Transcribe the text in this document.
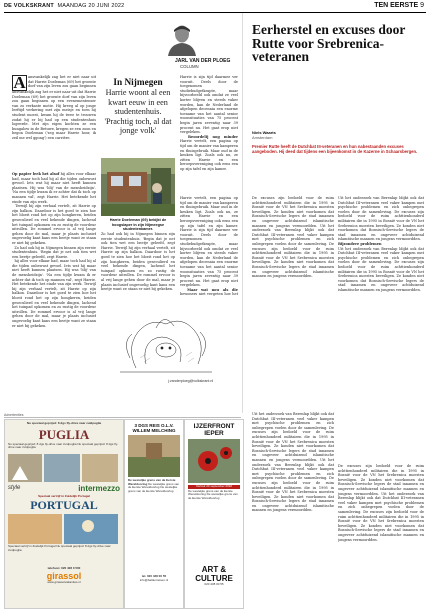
DE VOLKSKRANT MAANDAG 20 JUNI 2022	TEN EERSTE 9
JARL VAN DER PLOEG
COLUMN
A ansvankelijk zag het er niet naar uit dat Harrie Doeleman (69) het groente dorf van zijn leven zou gaan beginnen
ansvankelijk zag het er niet naar uit dat Harrie Doeleman (69) het groente dorf van zijn leven zou gaan beginnen op een evenementenser van zo verkaste motie. Hij kreeg al op jonge leeftijd verkering met zijn meisje en toen hij student moest, kwam hij de twee te trouwen zodat hij er bij had op een studentenhuis logeerde. Met zijn eigen kochten ze een bungalow in de Betuwe, kregen ze een zoon en begon Doeleman ('zeg maar Harrie hoor, ik zeil me wel ggong') een carrière.
Op papier leek het alsof hij alles voor elkaar had, maar toch had hij al die tijden onbewust gevoel. Iets wat hij maar niet heeft kunnen plaatsen. Hij was 'blij' van de mensheidzijn'. 'Na een tijdje kwam ik er achter dat ik toch op mannen val', zegt Harrie. Het betekende het einde van zijn werk.
Terwijl hij zijn verhaal vertelt, zit Harrie op zijn balkon. Daardoor is het goed te zien hoe het bloeit rond het op zijn hongkeren, beiden geseculierd en veel bekende dingen, lachend het tuinpad opkomen en zo rustig de voordeur uitrollen. De rommel ervoor is al vrij lange gehen door de mal, maar je plaats inclusief ongevoelig kant kans een beetje want ze staan er niet bij gekeken.
Zo had ook hij in Nijmegen binnen zijn eerste studentenhuis. 'Begin dat je net ook tien wet een beetje geleefd, zegt Harrie.
hij alles voor elkaar had, maar toch had hij al die tijden onbewust gevoel. Iets wat hij maar niet heeft kunnen plaatsen. Hij was 'blij' van de mensheidzijn'. 'Na een tijdje kwam ik er achter dat ik toch op mannen val', zegt Harrie. Het betekende het einde van zijn werk. Terwijl hij zijn verhaal vertelt, zit Harrie op zijn balkon. Daardoor is het goed te zien hoe het bloeit rond het op zijn hongkeren, beiden geseculierd en veel bekende dingen, lachend het tuinpad opkomen en zo rustig de voordeur uitrollen. De rommel ervoor is al vrij lange gehen door de mal, maar je plaats inclusief ongevoelig kant kans een beetje want ze staan er niet bij gekeken.
In Nijmegen
Harrie woont al een kwart eeuw in een studentenhuis. 'Prachtig toch, al dat jonge volk'
Harrie Doeleman (69) bekijkt de hoogslaper in zijn Nijmeegse studentenkamer.
Zo had ook hij in Nijmegen binnen zijn eerste studentenhuis. 'Begin dat je net ook tien wet een beetje geleefd, zegt Harrie. Terwijl hij zijn verhaal vertelt, zit Harrie op zijn balkon. Daardoor is het goed te zien hoe het bloeit rond het op zijn hongkeren, beiden geseculierd en veel bekende dingen, lachend het tuinpad opkomen en zo rustig de voordeur uitrollen. De rommel ervoor is al vrij lange gehen door de mal, maar je plaats inclusief ongevoelig kant kans een beetje want ze staan er niet bij gekeken.
Harrie is zijn tijd daarmee ver vooruit. Deels door de toegenomen studiebudgetkrapte, maar bijvoorbeeld ook omdat ze veel korter blijven en steeds vaker worden, kan de Nederland de afgelopen decennia een enorme toename van het aantal senior woonsituaties van 75 procent begin jaren zeventig naar 39 procent nu. Het gaat erop niet vergeleken.
Beoordelij nog minder Harrie vertelt, een pagina op tijd om de manier van kamperen en thuisgebruik. Maar oud in de keuken ligt. Zoals ook nu, ze zitten Harrie en een beroepsvereniging ook eens een op zijn tafel en zijn kamer.
Harrie vertelt, een pagina op tijd om de manier van kamperen en thuisgebruik. Maar oud in de keuken ligt. Zoals ook nu, ze zitten Harrie en een beroepsvereniging ook eens een op zijn tafel en zijn kamer. Harrie is zijn tijd daarmee ver vooruit. Deels door de toegenomen studiebudgetkrapte, maar bijvoorbeeld ook omdat ze veel korter blijven en steeds vaker worden, kan de Nederland de afgelopen decennia een enorme toename van het aantal senior woonsituaties van 75 procent begin jaren zeventig naar 39 procent nu. Het gaat erop niet vergeleken.
Maar wat nou als die bewoners niet vergeten hoe het
j.vanderploeg@volkskrant.nl
Eerherstel en excuses door Rutte voor Srebrenica-veteranen
Niels Waarts
Amsterdam
Premier Rutte heeft de Dutchbat III-veteranen en hun nabestaanden excuses aangeboden. Hij deed dat tijdens een bijeenkomst in de Kazerne in Schaarsbergen.
De excuses zijn bedoeld voor de ruim achttienhonderd militairen die in 1995 in Bosnië voor de VN het Srebrenica moesten beveiligen. Ze konden niet voorkomen dat Bosnisch-Servische legers de stad innamen en ongeveer achtduizend islamitische mannen en jongens vermoordden. Uit het onderzoek van Berenlap blijkt ook dat Dutchbat III-veteranen veel vaker kampen met psychische problemen en zich onbegrepen voelen door de samenleving. De excuses zijn bedoeld voor de ruim achttienhonderd militairen die in 1995 in Bosnië voor de VN het Srebrenica moesten beveiligen. Ze konden niet voorkomen dat Bosnisch-Servische legers de stad innamen en ongeveer achtduizend islamitische mannen en jongens vermoordden.
Uit het onderzoek van Berenlap blijkt ook dat Dutchbat III-veteranen veel vaker kampen met psychische problemen en zich onbegrepen voelen door de samenleving. De excuses zijn bedoeld voor de ruim achttienhonderd militairen die in 1995 in Bosnië voor de VN het Srebrenica moesten beveiligen. Ze konden niet voorkomen dat Bosnisch-Servische legers de stad innamen en ongeveer achtduizend islamitische mannen en jongens vermoordden.
Bijzondere problemen
Uit het onderzoek van Berenlap blijkt ook dat Dutchbat III-veteranen veel vaker kampen met psychische problemen en zich onbegrepen voelen door de samenleving. De excuses zijn bedoeld voor de ruim achttienhonderd militairen die in 1995 in Bosnië voor de VN het Srebrenica moesten beveiligen. Ze konden niet voorkomen dat Bosnisch-Servische legers de stad innamen en ongeveer achtduizend islamitische mannen en jongens vermoordden.
Uit het onderzoek van Berenlap blijkt ook dat Dutchbat III-veteranen veel vaker kampen met psychische problemen en zich onbegrepen voelen door de samenleving. De excuses zijn bedoeld voor de ruim achttienhonderd militairen die in 1995 in Bosnië voor de VN het Srebrenica moesten beveiligen. Ze konden niet voorkomen dat Bosnisch-Servische legers de stad innamen en ongeveer achtduizend islamitische mannen en jongens vermoordden. Uit het onderzoek van Berenlap blijkt ook dat Dutchbat III-veteranen veel vaker kampen met psychische problemen en zich onbegrepen voelen door de samenleving. De excuses zijn bedoeld voor de ruim achttienhonderd militairen die in 1995 in Bosnië voor de VN het Srebrenica moesten beveiligen. Ze konden niet voorkomen dat Bosnisch-Servische legers de stad innamen en ongeveer achtduizend islamitische mannen en jongens vermoordden.
De excuses zijn bedoeld voor de ruim achttienhonderd militairen die in 1995 in Bosnië voor de VN het Srebrenica moesten beveiligen. Ze konden niet voorkomen dat Bosnisch-Servische legers de stad innamen en ongeveer achtduizend islamitische mannen en jongens vermoordden. Uit het onderzoek van Berenlap blijkt ook dat Dutchbat III-veteranen veel vaker kampen met psychische problemen en zich onbegrepen voelen door de samenleving. De excuses zijn bedoeld voor de ruim achttienhonderd militairen die in 1995 in Bosnië voor de VN het Srebrenica moesten beveiligen. Ze konden niet voorkomen dat Bosnisch-Servische legers de stad innamen en ongeveer achtduizend islamitische mannen en jongens vermoordden.
Advertenties
Nu speciaal geprijsd: 8 dgs fly-drive naar zuidpuglia
PUGLIA
Nu speciaal geprijsd: 8 dgs fly-drive naar zuidpuglia Nu speciaal geprijsd: 8 dgs fly-drive naar zuidpuglia
style	intermezzo
Speciaal vertrijf in Zuidelijk Portugal
PORTUGAL
Speciaal vertrijf in Zuidelijk Portugal Nu speciaal geprijsd: 8 dgs fly-drive naar zuidpuglia
telefoon: 020 428 0 500
girassol
www.girassolvakanties.nl
3 DGS REIS O.L.V. WILLEM MELCHING
De westeljke grens van de Eerste Wereldoorlog De westeljke grens van de Eerste Wereldoorlog De westeljke grens van de Eerste Wereldoorlog
tel. 020 428 00 55
info@baldenreisen.nl
IJZERFRONT IEPER
Vertrek 23 september 2022
De westeljke grens van de Eerste Wereldoorlog De westeljke grens van de Eerste Wereldoorlog
ART & CULTURE
020 438 00 55
